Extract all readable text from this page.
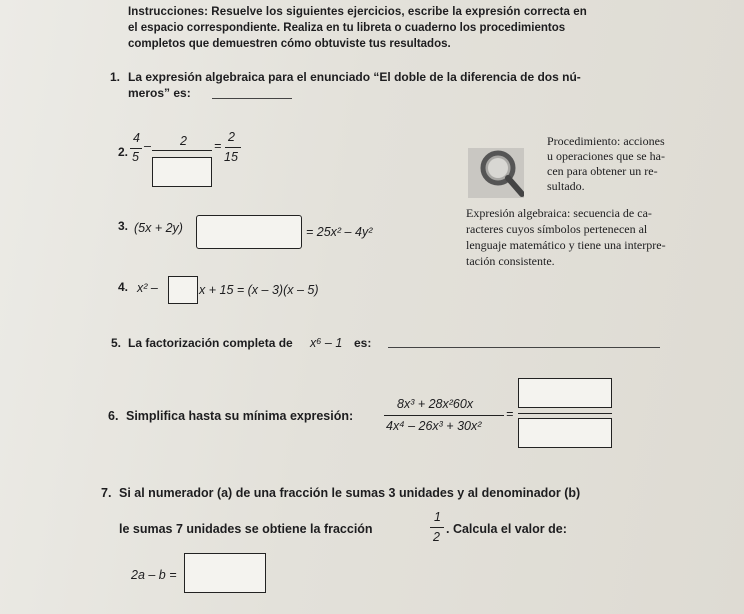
Instrucciones: Resuelve los siguientes ejercicios, escribe la expresión correcta en
el espacio correspondiente. Realiza en tu libreta o cuaderno los procedimientos
completos que demuestren cómo obtuviste tus resultados.
1. La expresión algebraica para el enunciado “El doble de la diferencia de dos nú-
meros” es:
2.
4
5
– 2 =
2
15
Procedimiento: acciones
u operaciones que se ha-
cen para obtener un re-
sultado.
3. (5x + 2y)	= 25x² – 4y²
Expresión algebraica: secuencia de ca-
racteres cuyos símbolos pertenecen al
lenguaje matemático y tiene una interpre-
tación consistente.
4. x² –	x + 15 = (x – 3)(x – 5)
5. La factorización completa de x⁶ – 1 es:
6. Simplifica hasta su mínima expresión:
8x³ + 28x²60x
4x⁴ – 26x³ + 30x²
=
7. Si al numerador (a) de una fracción le sumas 3 unidades y al denominador (b)
le sumas 7 unidades se obtiene la fracción
1
2
. Calcula el valor de:
2a – b =
